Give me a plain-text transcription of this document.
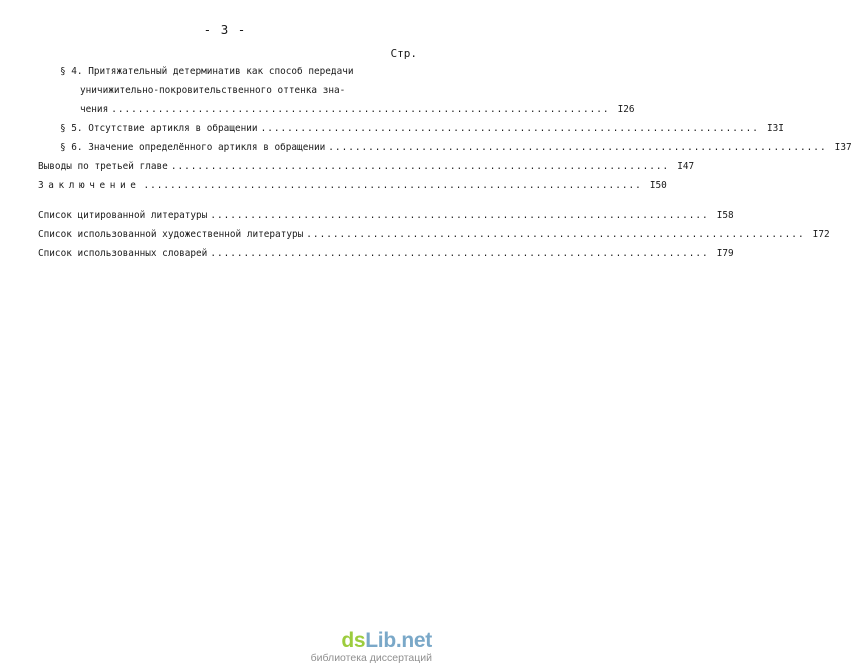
- 3 -
Стр.
§ 4. Притяжательный детерминатив как способ передачи
уничижительно-покровительственного оттенка зна-
чения ........................................................................... I26
§ 5. Отсутствие артикля в обращении ........................................................................... I3I
§ 6. Значение определённого артикля в обращении ........................................................................... I37
Выводы по третьей главе ........................................................................... I47
Заключение ........................................................................... I50
Список цитированной литературы ........................................................................... I58
Список использованной художественной литературы ........................................................................... I72
Список использованных словарей ........................................................................... I79
dsLib.net
библиотека диссертаций
